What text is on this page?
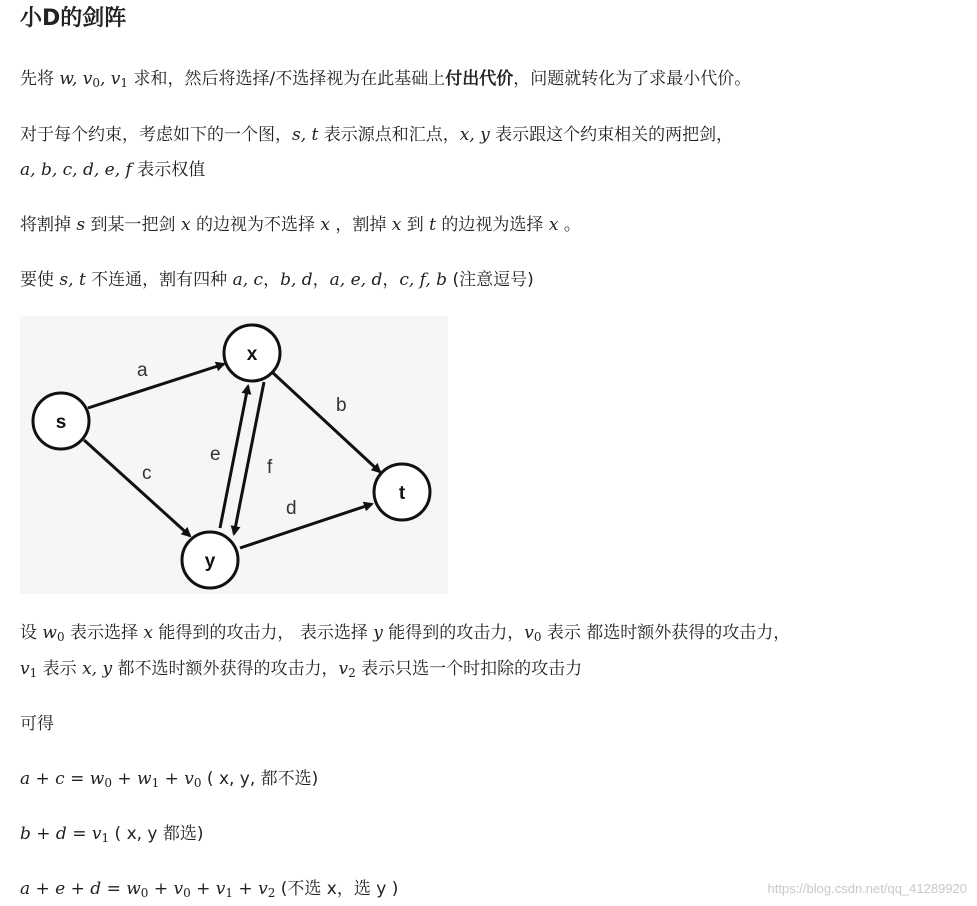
小D的剑阵

先将 w, $v_0$, $v_1$ 求和，然后将选择/不选择视为在此基础上付出代价，问题就转化为了求最小代价。

对于每个约束，考虑如下的一个图，s, t 表示源点和汇点，x, y 表示跟这个约束相关的两把剑，

a, b, c, d, e, f 表示权值

将割掉 s 到某一把剑 x 的边视为不选择 x ，割掉 x 到 t 的边视为选择 x 。

要使 s, t 不连通，割有四种 a, c，b, d，a, e, d，c, f, b (注意逗号)

设 $w_0$ 表示选择 x 能得到的攻击力， 表示选择 y 能得到的攻击力，$v_0$ 表示 都选时额外获得的攻击力，

$v_1$ 表示 x, y 都不选时额外获得的攻击力，$v_2$ 表示只选一个时扣除的攻击力

可得

$a + c = w_0 + w_1 + v_0$ ( x, y, 都不选)

$b + d = v_1$ ( x, y 都选)

$a + e + d = w_0 + v_0 + v_1 + v_2$ (不选 x，选 y )

a
b
c
d
e
f
s
x
y
t
https://blog.csdn.net/qq_41289920
